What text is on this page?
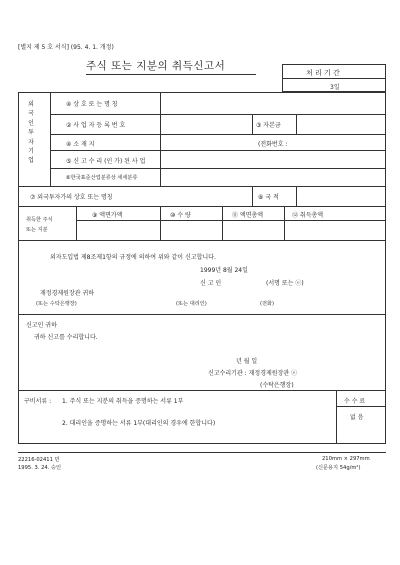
[별지 제 5 호 서식] (95. 4. 1. 개정)
주식 또는 지분의 취득신고서
처 리 기 간
3일
외
국
인
투
자
기
업
④ 상 호 또 는 명 칭
② 사 업 자 등 록 번 호	③ 자본금
④ 소 재 지	(전화번호 :
⑤ 신 고 수 리 (인 가) 된 사 업
⑥한국표준산업분류상 세세분류
⑦ 외국투자가의 상호 또는 명칭	⑧ 국 적
취득한 주식
또는 지분
⑨ 액면가액	⑩ 수 량	⑪ 액면총액	⑫ 취득총액
외자도입법 제8조제1항의 규정에 의하여 위와 같이 신고합니다.
1999년 8월 24일
신 고 인	(서명 또는 ⓔ)
재정경제원장관 귀하
(또는 수탁은행장)	(또는 대리인)	(전화)
신고인 귀하
귀하 신고를 수리합니다.
년 월 일
신고수리기관 : 재정경제원장관 ⓔ
(수탁은행장)
구비서류 : 1. 주식 또는 지분의 취득을 증명하는 서류 1부
2. 대리인을 증명하는 서류 1부(대리인의 경우에 한합니다)
수 수 료
없 음
22216-02411 민
1995. 3. 24. 승인
210mm × 297mm
(신문용지 54g/m²)
